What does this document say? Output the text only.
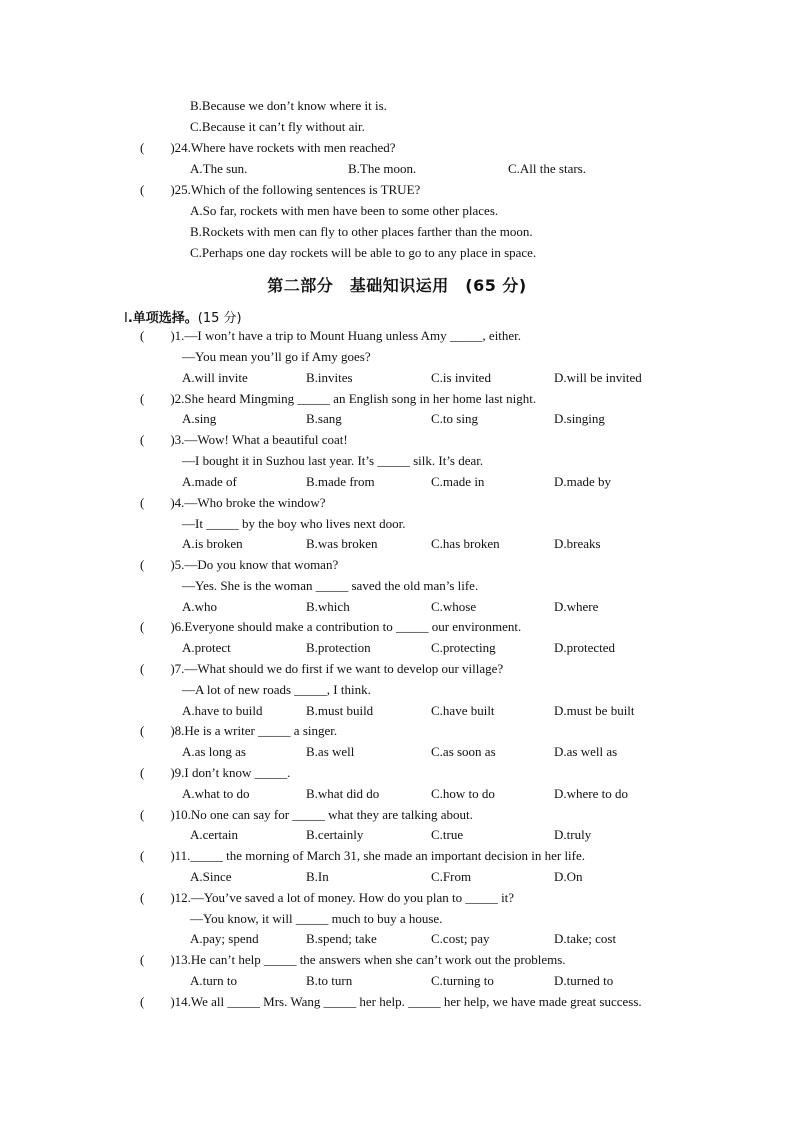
B.Because we don’t know where it is.
C.Because it can’t fly without air.
(  )24.Where have rockets with men reached?
A.The sun.	B.The moon.	C.All the stars.
(  )25.Which of the following sentences is TRUE?
A.So far, rockets with men have been to some other places.
B.Rockets with men can fly to other places farther than the moon.
C.Perhaps one day rockets will be able to go to any place in space.
第二部分 基础知识运用 (65 分)
Ⅰ.单项选择。(15 分)
(  )1.—I won’t have a trip to Mount Huang unless Amy _____, either.
—You mean you’ll go if Amy goes?
A.will invite	B.invites	C.is invited	D.will be invited
(  )2.She heard Mingming _____ an English song in her home last night.
A.sing	B.sang	C.to sing	D.singing
(  )3.—Wow! What a beautiful coat!
—I bought it in Suzhou last year. It’s _____ silk. It’s dear.
A.made of	B.made from	C.made in	D.made by
(  )4.—Who broke the window?
—It _____ by the boy who lives next door.
A.is broken	B.was broken	C.has broken	D.breaks
(  )5.—Do you know that woman?
—Yes. She is the woman _____ saved the old man’s life.
A.who	B.which	C.whose	D.where
(  )6.Everyone should make a contribution to _____ our environment.
A.protect	B.protection	C.protecting	D.protected
(  )7.—What should we do first if we want to develop our village?
—A lot of new roads _____, I think.
A.have to build	B.must build	C.have built	D.must be built
(  )8.He is a writer _____ a singer.
A.as long as	B.as well	C.as soon as	D.as well as
(  )9.I don’t know _____.
A.what to do	B.what did do	C.how to do	D.where to do
(  )10.No one can say for _____ what they are talking about.
A.certain	B.certainly	C.true	D.truly
(  )11._____ the morning of March 31, she made an important decision in her life.
A.Since	B.In	C.From	D.On
(  )12.—You’ve saved a lot of money. How do you plan to _____ it?
—You know, it will _____ much to buy a house.
A.pay; spend	B.spend; take	C.cost; pay	D.take; cost
(  )13.He can’t help _____ the answers when she can’t work out the problems.
A.turn to	B.to turn	C.turning to	D.turned to
(  )14.We all _____ Mrs. Wang _____ her help. _____ her help, we have made great success.
